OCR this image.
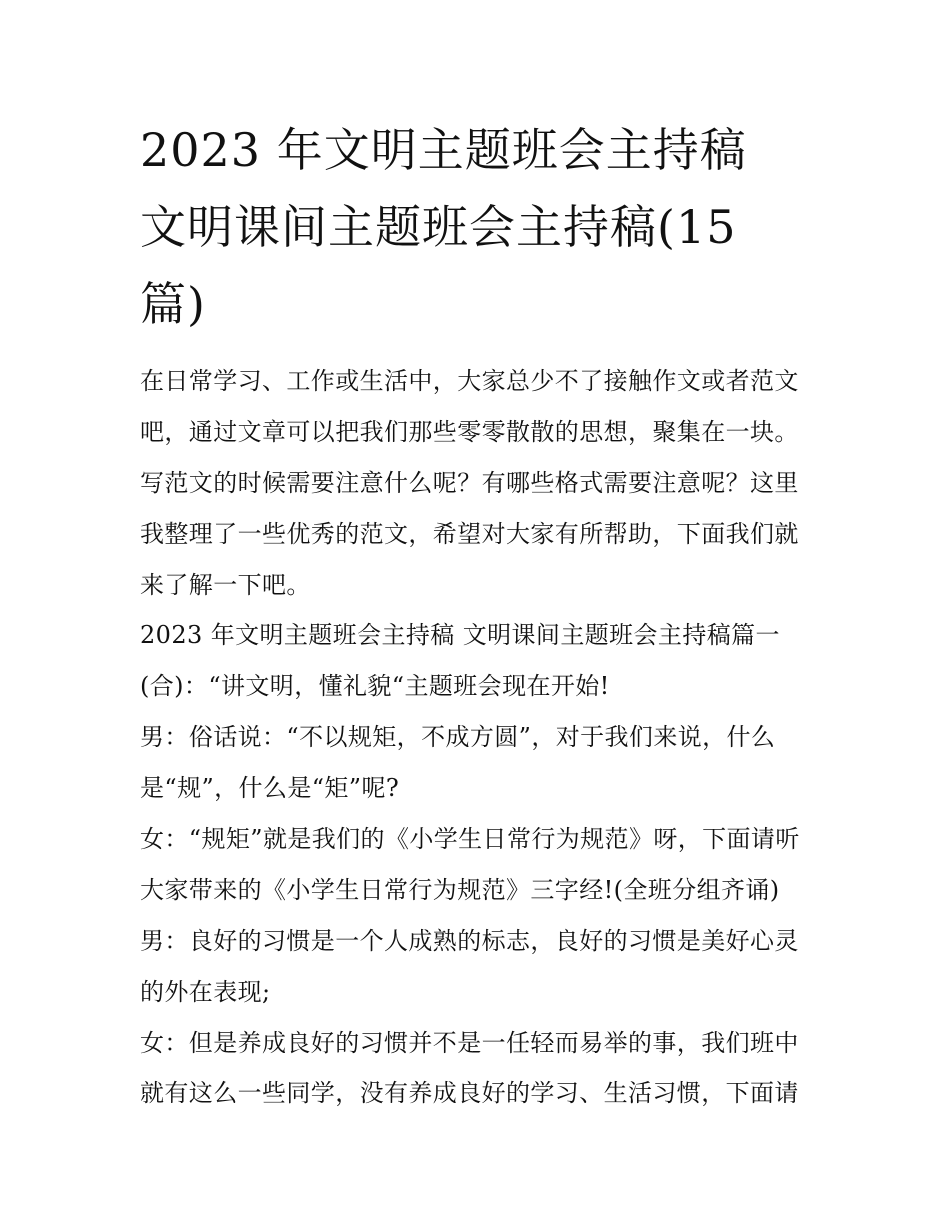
2023 年文明主题班会主持稿
文明课间主题班会主持稿(15
篇)
在日常学习、工作或生活中，大家总少不了接触作文或者范文
吧，通过文章可以把我们那些零零散散的思想，聚集在一块。
写范文的时候需要注意什么呢？有哪些格式需要注意呢？这里
我整理了一些优秀的范文，希望对大家有所帮助，下面我们就
来了解一下吧。
2023 年文明主题班会主持稿 文明课间主题班会主持稿篇一
(合)：“讲文明，懂礼貌“主题班会现在开始!
男：俗话说：“不以规矩，不成方圆”，对于我们来说，什么
是“规”，什么是“矩”呢?
女：“规矩”就是我们的《小学生日常行为规范》呀，下面请听
大家带来的《小学生日常行为规范》三字经!(全班分组齐诵)
男：良好的习惯是一个人成熟的标志，良好的习惯是美好心灵
的外在表现;
女：但是养成良好的习惯并不是一任轻而易举的事，我们班中
就有这么一些同学，没有养成良好的学习、生活习惯，下面请
